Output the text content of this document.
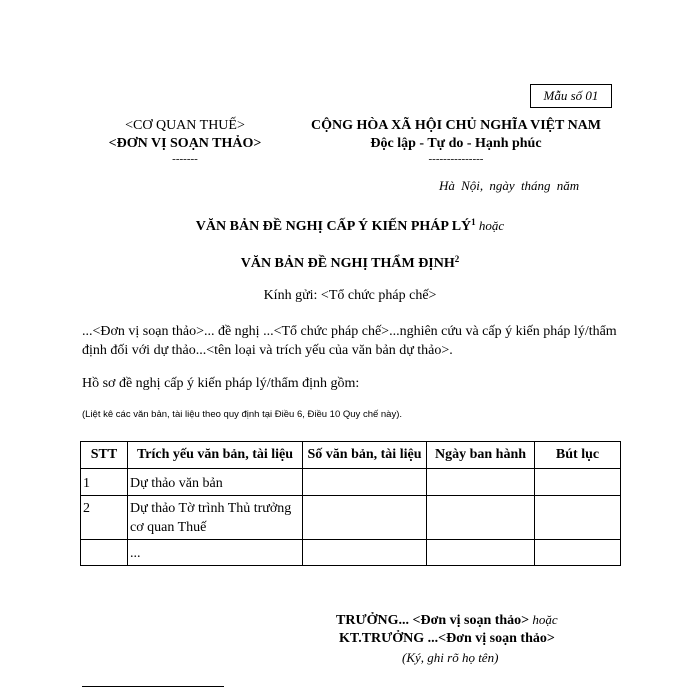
Mẫu số 01
<CƠ QUAN THUẾ>
<ĐƠN VỊ SOẠN THẢO>
-------
CỘNG HÒA XÃ HỘI CHỦ NGHĨA VIỆT NAM
Độc lập - Tự do - Hạnh phúc
---------------
Hà Nội, ngày tháng năm
VĂN BẢN ĐỀ NGHỊ CẤP Ý KIẾN PHÁP $LÝ^1$ hoặc
VĂN BẢN ĐỀ NGHỊ THẨM ĐỊNH$^2$
Kính gửi: <Tổ chức pháp chế>
...<Đơn vị soạn thảo>... đề nghị ...<Tổ chức pháp chế>...nghiên cứu và cấp ý kiến pháp lý/thẩm định đối với dự thảo...<tên loại và trích yếu của văn bản dự thảo>.
Hồ sơ đề nghị cấp ý kiến pháp lý/thẩm định gồm:
(Liệt kê các văn bản, tài liệu theo quy định tại Điều 6, Điều 10 Quy chế này).
STT	Trích yếu văn bản, tài liệu	Số văn bản, tài liệu	Ngày ban hành	Bút lục
1	Dự thảo văn bản			
2	Dự thảo Tờ trình Thủ trưởng cơ quan Thuế			
	...			
TRƯỞNG... <Đơn vị soạn thảo> hoặc
KT.TRƯỞNG ...<Đơn vị soạn thảo>
(Ký, ghi rõ họ tên)
